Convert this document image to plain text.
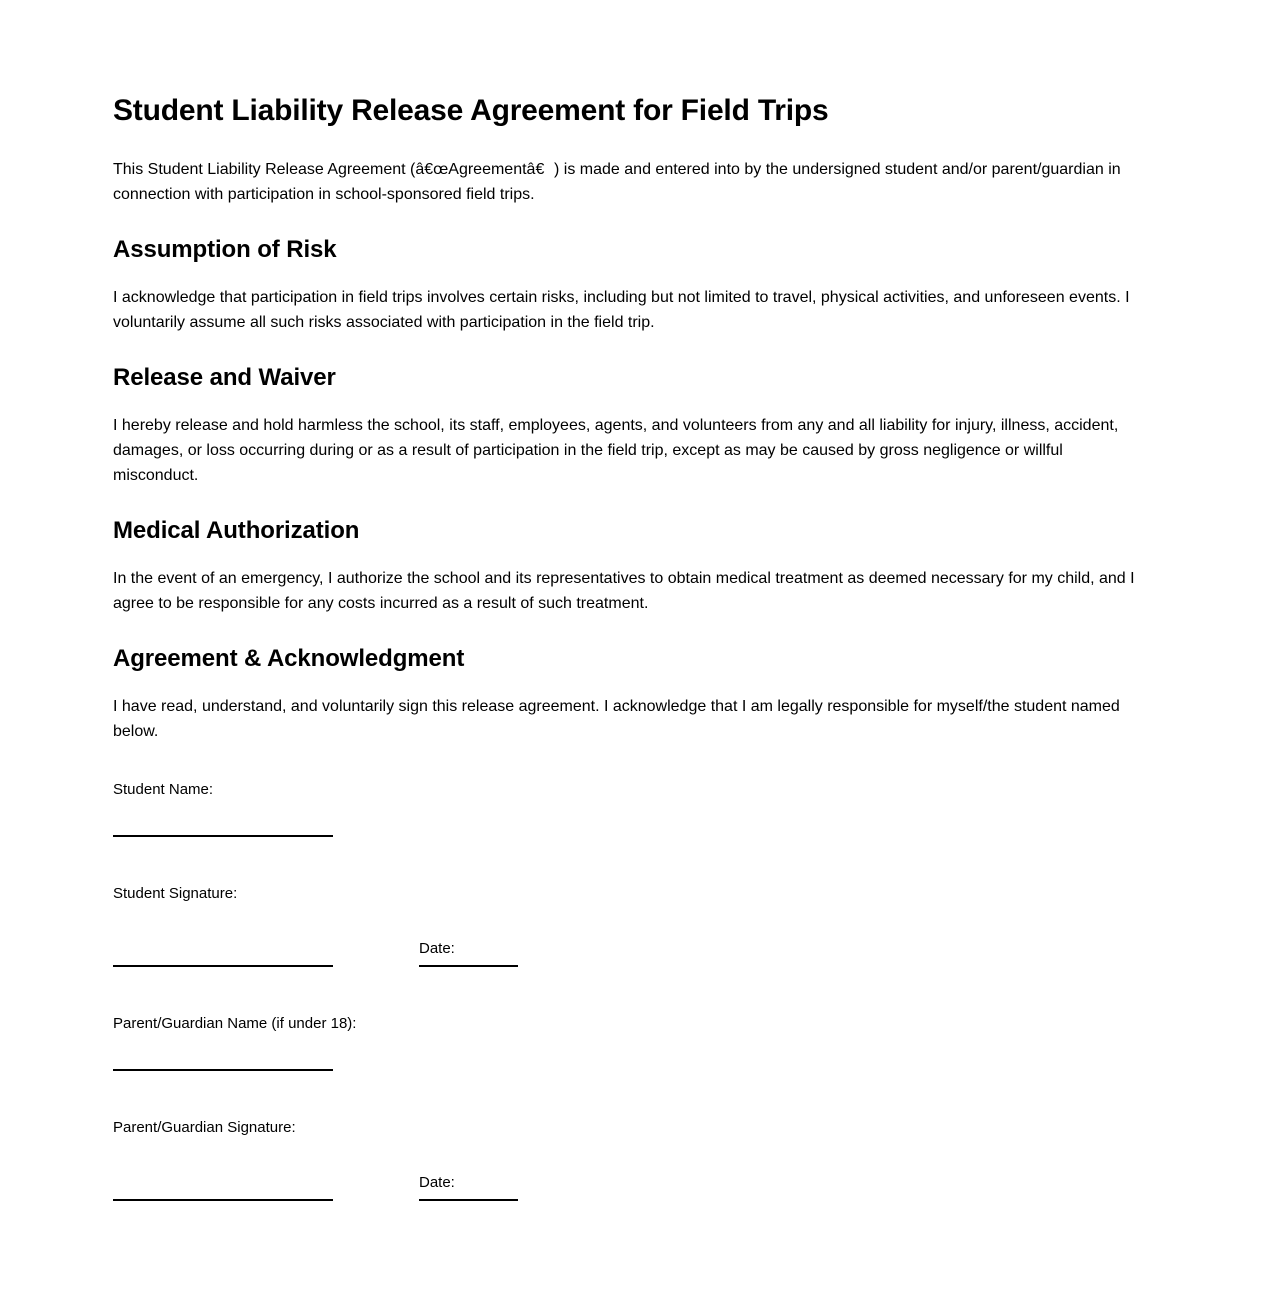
Student Liability Release Agreement for Field Trips

This Student Liability Release Agreement (â€œAgreementâ€) is made and entered into by the undersigned student and/or parent/guardian in connection with participation in school-sponsored field trips.

Assumption of Risk

I acknowledge that participation in field trips involves certain risks, including but not limited to travel, physical activities, and unforeseen events. I voluntarily assume all such risks associated with participation in the field trip.

Release and Waiver

I hereby release and hold harmless the school, its staff, employees, agents, and volunteers from any and all liability for injury, illness, accident, damages, or loss occurring during or as a result of participation in the field trip, except as may be caused by gross negligence or willful misconduct.

Medical Authorization

In the event of an emergency, I authorize the school and its representatives to obtain medical treatment as deemed necessary for my child, and I agree to be responsible for any costs incurred as a result of such treatment.

Agreement & Acknowledgment

I have read, understand, and voluntarily sign this release agreement. I acknowledge that I am legally responsible for myself/the student named below.

Student Name:
Student Signature:
Date:
Parent/Guardian Name (if under 18):
Parent/Guardian Signature:
Date:
